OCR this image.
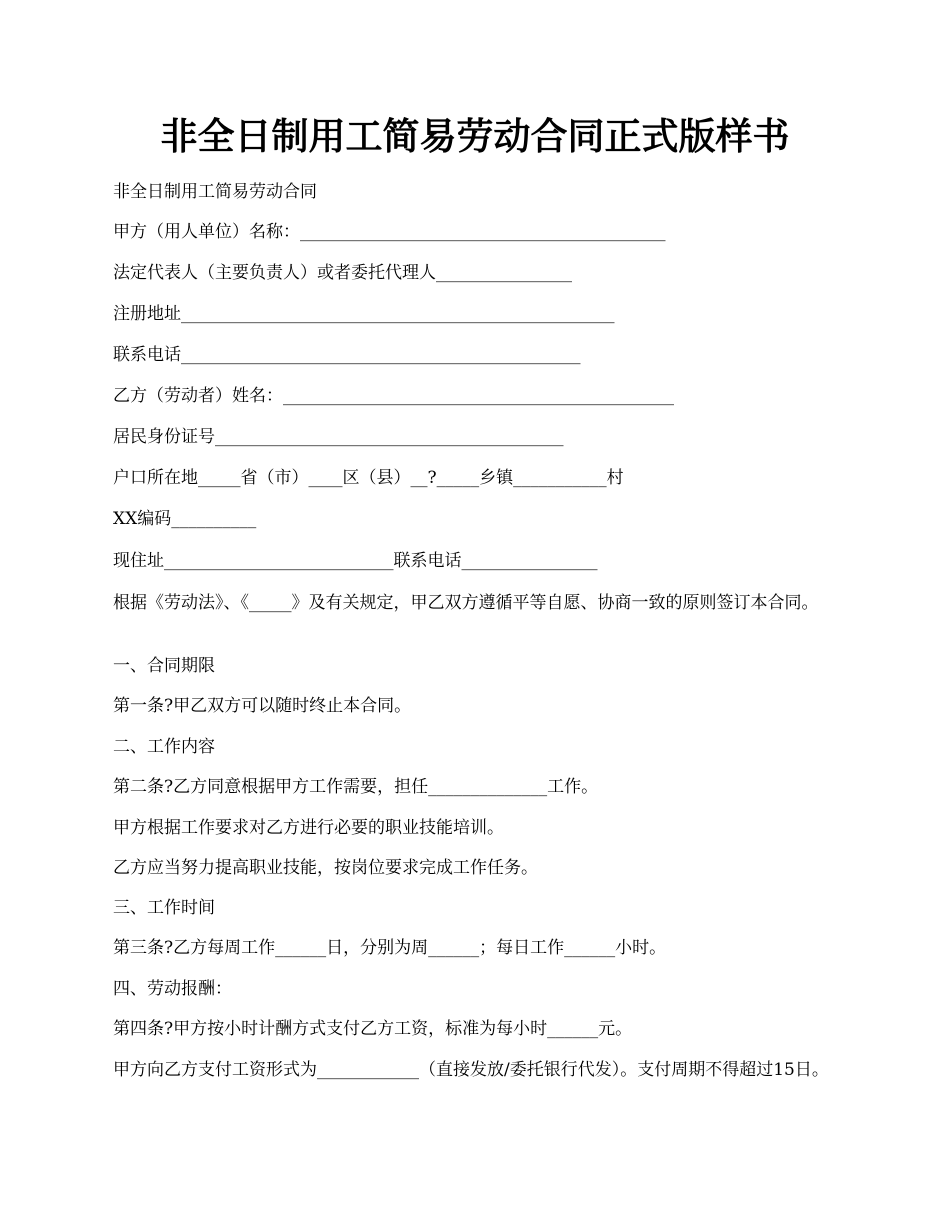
非全日制用工简易劳动合同正式版样书

非全日制用工简易劳动合同

甲方（用人单位）名称：___________________________________________

法定代表人（主要负责人）或者委托代理人________________

注册地址___________________________________________________

联系电话_______________________________________________

乙方（劳动者）姓名：______________________________________________

居民身份证号_________________________________________

户口所在地_____省（市）____区（县）__?_____乡镇___________村

XX编码__________

现住址___________________________联系电话________________

根据《劳动法》、《_____》及有关规定，甲乙双方遵循平等自愿、协商一致的原则签订本合同。

一、合同期限

第一条?甲乙双方可以随时终止本合同。

二、工作内容

第二条?乙方同意根据甲方工作需要，担任______________工作。

甲方根据工作要求对乙方进行必要的职业技能培训。

乙方应当努力提高职业技能，按岗位要求完成工作任务。

三、工作时间

第三条?乙方每周工作______日，分别为周______；每日工作______小时。

四、劳动报酬：

第四条?甲方按小时计酬方式支付乙方工资，标准为每小时______元。

甲方向乙方支付工资形式为____________（直接发放/委托银行代发）。支付周期不得超过15日。
